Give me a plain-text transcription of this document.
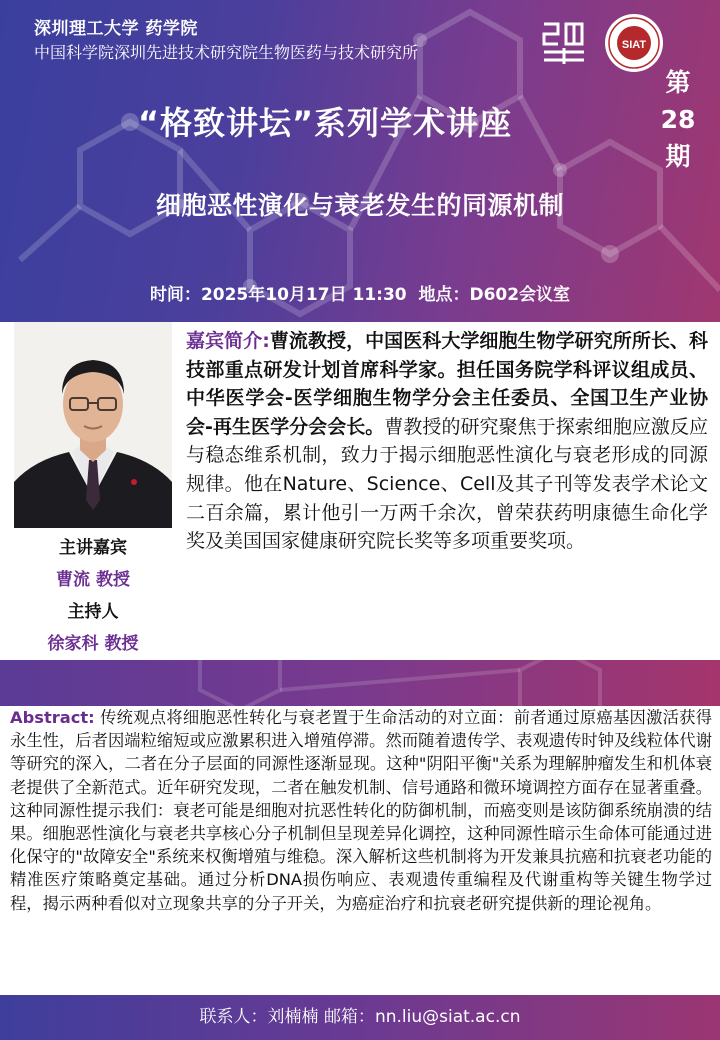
深圳理工大学 药学院
中国科学院深圳先进技术研究院生物医药与技术研究所	SIAT
第
28
期
“格致讲坛”系列学术讲座
细胞恶性演化与衰老发生的同源机制
时间：2025年10月17日 11:30 地点：D602会议室
主讲嘉宾
曹流 教授
主持人
徐家科 教授
嘉宾简介:曹流教授，中国医科大学细胞生物学研究所所长、科技部重点研发计划首席科学家。担任国务院学科评议组成员、中华医学会-医学细胞生物学分会主任委员、全国卫生产业协会-再生医学分会会长。曹教授的研究聚焦于探索细胞应激反应与稳态维系机制，致力于揭示细胞恶性演化与衰老形成的同源规律。他在Nature、Science、Cell及其子刊等发表学术论文二百余篇，累计他引一万两千余次，曾荣获药明康德生命化学奖及美国国家健康研究院长奖等多项重要奖项。
Abstract: 传统观点将细胞恶性转化与衰老置于生命活动的对立面：前者通过原癌基因激活获得永生性，后者因端粒缩短或应激累积进入增殖停滞。然而随着遗传学、表观遗传时钟及线粒体代谢等研究的深入，二者在分子层面的同源性逐渐显现。这种"阴阳平衡"关系为理解肿瘤发生和机体衰老提供了全新范式。近年研究发现，二者在触发机制、信号通路和微环境调控方面存在显著重叠。这种同源性提示我们：衰老可能是细胞对抗恶性转化的防御机制，而癌变则是该防御系统崩溃的结果。细胞恶性演化与衰老共享核心分子机制但呈现差异化调控，这种同源性暗示生命体可能通过进化保守的"故障安全"系统来权衡增殖与维稳。深入解析这些机制将为开发兼具抗癌和抗衰老功能的精准医疗策略奠定基础。通过分析DNA损伤响应、表观遗传重编程及代谢重构等关键生物学过程，揭示两种看似对立现象共享的分子开关，为癌症治疗和抗衰老研究提供新的理论视角。
联系人：刘楠楠 邮箱：nn.liu@siat.ac.cn
